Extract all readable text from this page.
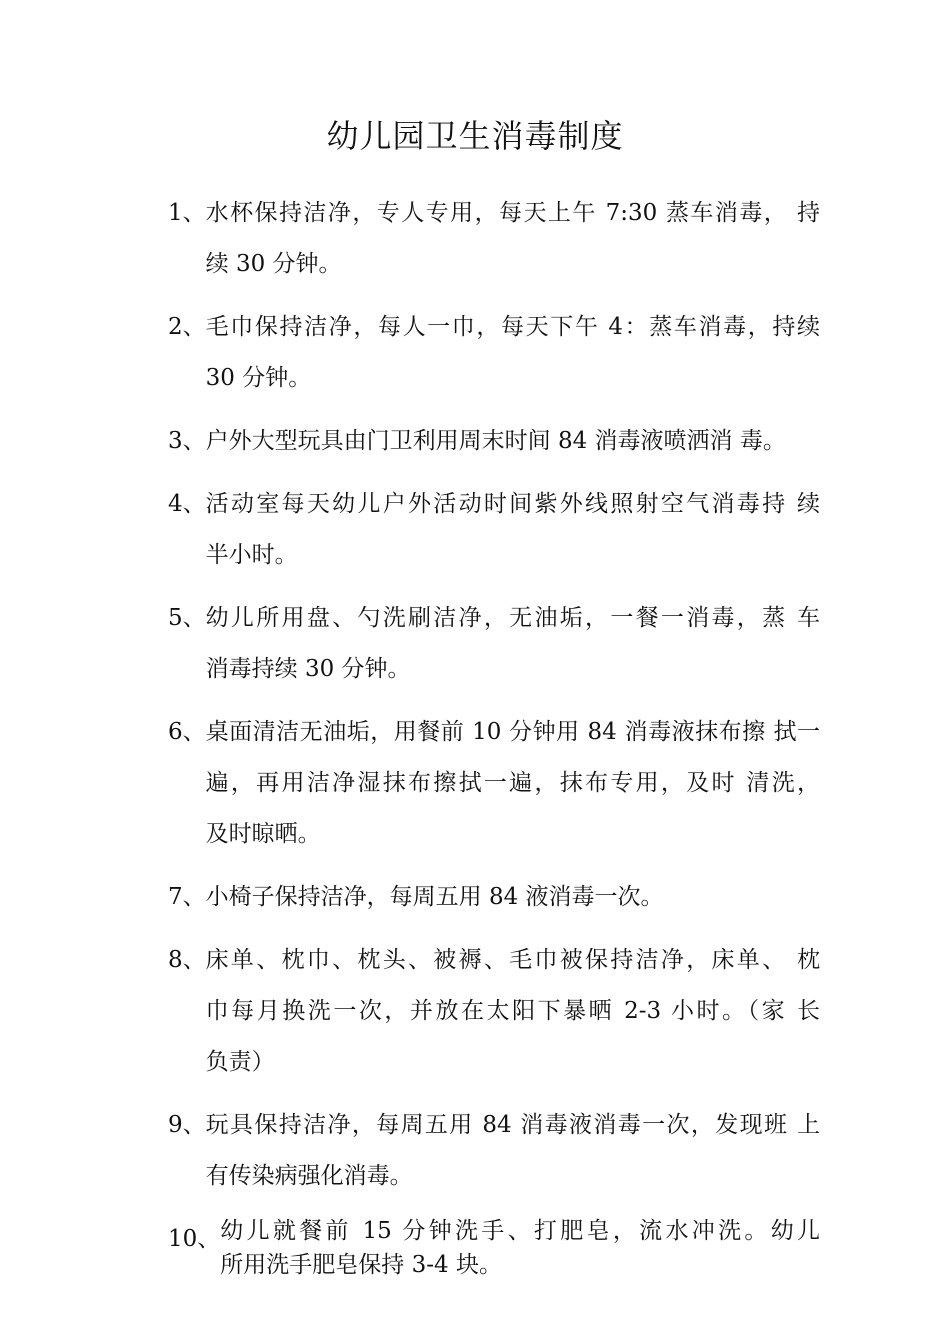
幼儿园卫生消毒制度
1、 水杯保持洁净，专人专用，每天上午 7:30 蒸车消毒， 持
续 30 分钟。
2、 毛巾保持洁净，每人一巾，每天下午 4：蒸车消毒，持续
30 分钟。
3、 户外大型玩具由门卫利用周末时间 84 消毒液喷洒消 毒。
4、 活动室每天幼儿户外活动时间紫外线照射空气消毒持 续
半小时。
5、 幼儿所用盘、勺洗刷洁净，无油垢，一餐一消毒，蒸 车
消毒持续 30 分钟。
6、 桌面清洁无油垢，用餐前 10 分钟用 84 消毒液抹布擦 拭一
遍，再用洁净湿抹布擦拭一遍，抹布专用，及时 清洗，
及时晾晒。
7、 小椅子保持洁净，每周五用 84 液消毒一次。
8、 床单、枕巾、枕头、被褥、毛巾被保持洁净，床单、 枕
巾每月换洗一次，并放在太阳下暴晒 2-3 小时。（家 长
负责）
9、 玩具保持洁净，每周五用 84 消毒液消毒一次，发现班 上
有传染病强化消毒。
10、 幼儿就餐前 15 分钟洗手、打肥皂，流水冲洗。幼儿
所用洗手肥皂保持 3-4 块。
